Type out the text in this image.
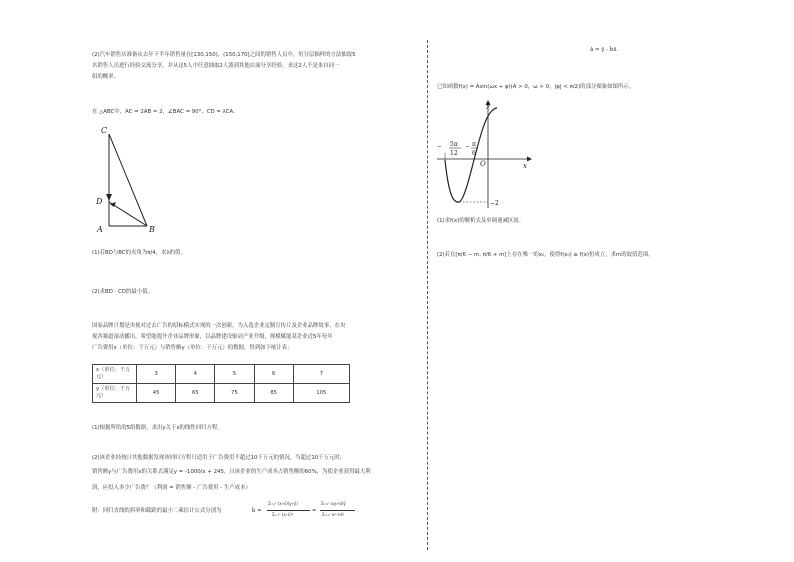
(2)汽车销售店准备从去年下半年销售量在[130,150)，(150,170]之间的销售人员中，用分层抽样的方法抽取5
名销售人员进行经验交流分享，并从这5人中任意抽取2人派到其他店面分享经验，求这2人不是来自同一
组的概率。
在 △ABC中，AC = 2AB = 2，∠BAC = 90°，CD = λCA．
C
D
A	B
(1)若BD与BC的夹角为π/4，求λ的值。
(2)求BD · CD的最小值。
国家品牌计划是央视对过去广告的招标模式实现的一次创新，为入选企业定制宣传片及企业品牌故事，在央
视各频道滚动播出，希望能提升企业品牌形象，以品牌建设驱动产业升级，规模赋能某企业近5年每年
广告费用x（单位：千万元）与销售额y（单位：千万元）的数据，得到如下统计表：
x（单位：千万元）	3	4	5	6	7
y（单位：千万元）	45	65	75	85	105
(1)根据所给的5组数据，求出y关于x的线性回归方程。
(2)该企业经统计其他数据发现该回归方程只适用于广告费用不超过10千万元的情况，当超过10千万元时，
销售额y与广告费用x的关系式满足y = -1000/x + 245，且该企业的生产成本占销售额的60%，为使企业获得最大利
润，应投入多少广告费？（利润 = 销售额 - 广告费用 - 生产成本）
附：回归直线的斜率和截距的最小二乘估计公式分别为	b̂ =
Σᵢ₌₁ⁿ (xᵢ-x̄)(yᵢ-ȳ)
Σᵢ₌₁ⁿ (xᵢ-x̄)²
=
Σᵢ₌₁ⁿ xᵢyᵢ-nx̄ȳ
Σᵢ₌₁ⁿ xᵢ²-nx̄²
,
â = ȳ - b̂x̄.
已知函数f(x) = Asin(ωx + φ)(A > 0，ω > 0，|φ| < π/2)的部分图象如图所示。
y
x
− 5π
12
− π
6
O
−2
(1)求f(x)的解析式及单调递减区间。
(2)若在[π/6 − m, π/6 + m]上存在唯一的x₀，使得f(x₀) ≥ f(x)恒成立，求m的取值范围。
